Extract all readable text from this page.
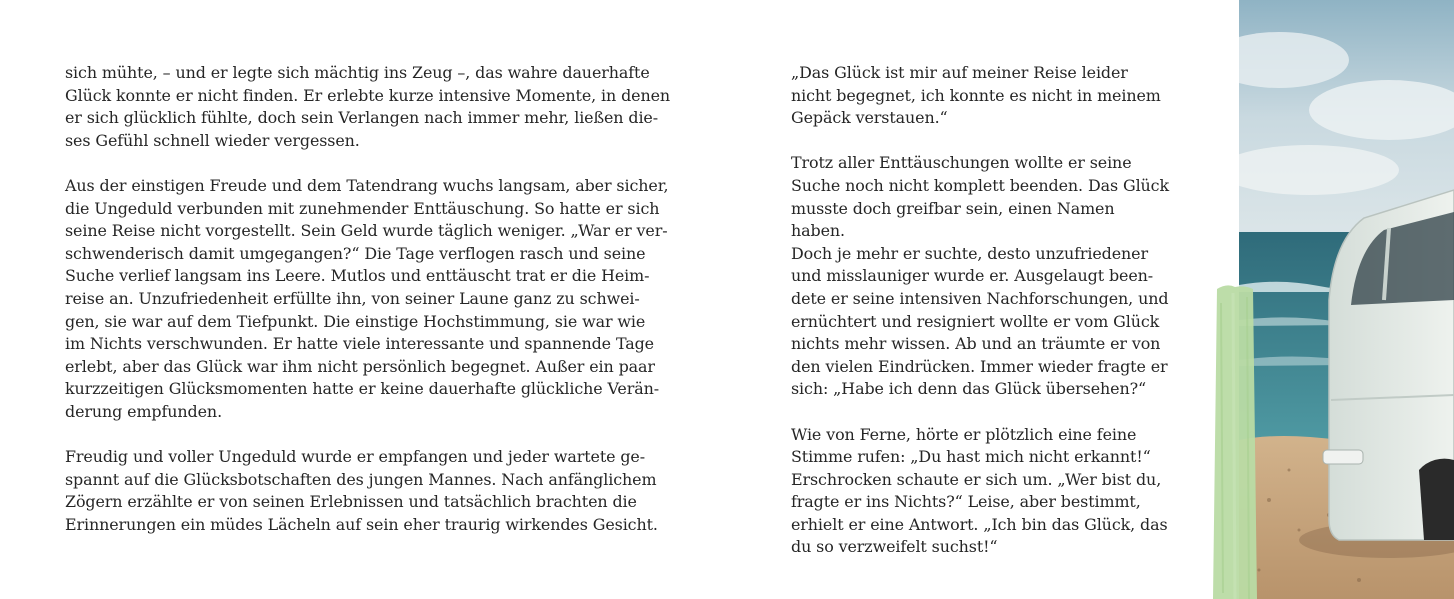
sich mühte, – und er legte sich mächtig ins Zeug –, das wahre dauerhafte
Glück konnte er nicht finden. Er erlebte kurze intensive Momente, in denen
er sich glücklich fühlte, doch sein Verlangen nach immer mehr, ließen die-
ses Gefühl schnell wieder vergessen.

Aus der einstigen Freude und dem Tatendrang wuchs langsam, aber sicher,
die Ungeduld verbunden mit zunehmender Enttäuschung. So hatte er sich
seine Reise nicht vorgestellt. Sein Geld wurde täglich weniger. „War er ver-
schwenderisch damit umgegangen?“ Die Tage verflogen rasch und seine
Suche verlief langsam ins Leere. Mutlos und enttäuscht trat er die Heim-
reise an. Unzufriedenheit erfüllte ihn, von seiner Laune ganz zu schwei-
gen, sie war auf dem Tiefpunkt. Die einstige Hochstimmung, sie war wie
im Nichts verschwunden. Er hatte viele interessante und spannende Tage
erlebt, aber das Glück war ihm nicht persönlich begegnet. Außer ein paar
kurzzeitigen Glücksmomenten hatte er keine dauerhafte glückliche Verän-
derung empfunden.

Freudig und voller Ungeduld wurde er empfangen und jeder wartete ge-
spannt auf die Glücksbotschaften des jungen Mannes. Nach anfänglichem
Zögern erzählte er von seinen Erlebnissen und tatsächlich brachten die
Erinnerungen ein müdes Lächeln auf sein eher traurig wirkendes Gesicht.

„Das Glück ist mir auf meiner Reise leider
nicht begegnet, ich konnte es nicht in meinem
Gepäck verstauen.“

Trotz aller Enttäuschungen wollte er seine
Suche noch nicht komplett beenden. Das Glück
musste doch greifbar sein, einen Namen haben.
Doch je mehr er suchte, desto unzufriedener
und misslauniger wurde er. Ausgelaugt been-
dete er seine intensiven Nachforschungen, und
ernüchtert und resigniert wollte er vom Glück
nichts mehr wissen. Ab und an träumte er von
den vielen Eindrücken. Immer wieder fragte er
sich: „Habe ich denn das Glück übersehen?“

Wie von Ferne, hörte er plötzlich eine feine
Stimme rufen: „Du hast mich nicht erkannt!“
Erschrocken schaute er sich um. „Wer bist du,
fragte er ins Nichts?“ Leise, aber bestimmt,
erhielt er eine Antwort. „Ich bin das Glück, das
du so verzweifelt suchst!“
